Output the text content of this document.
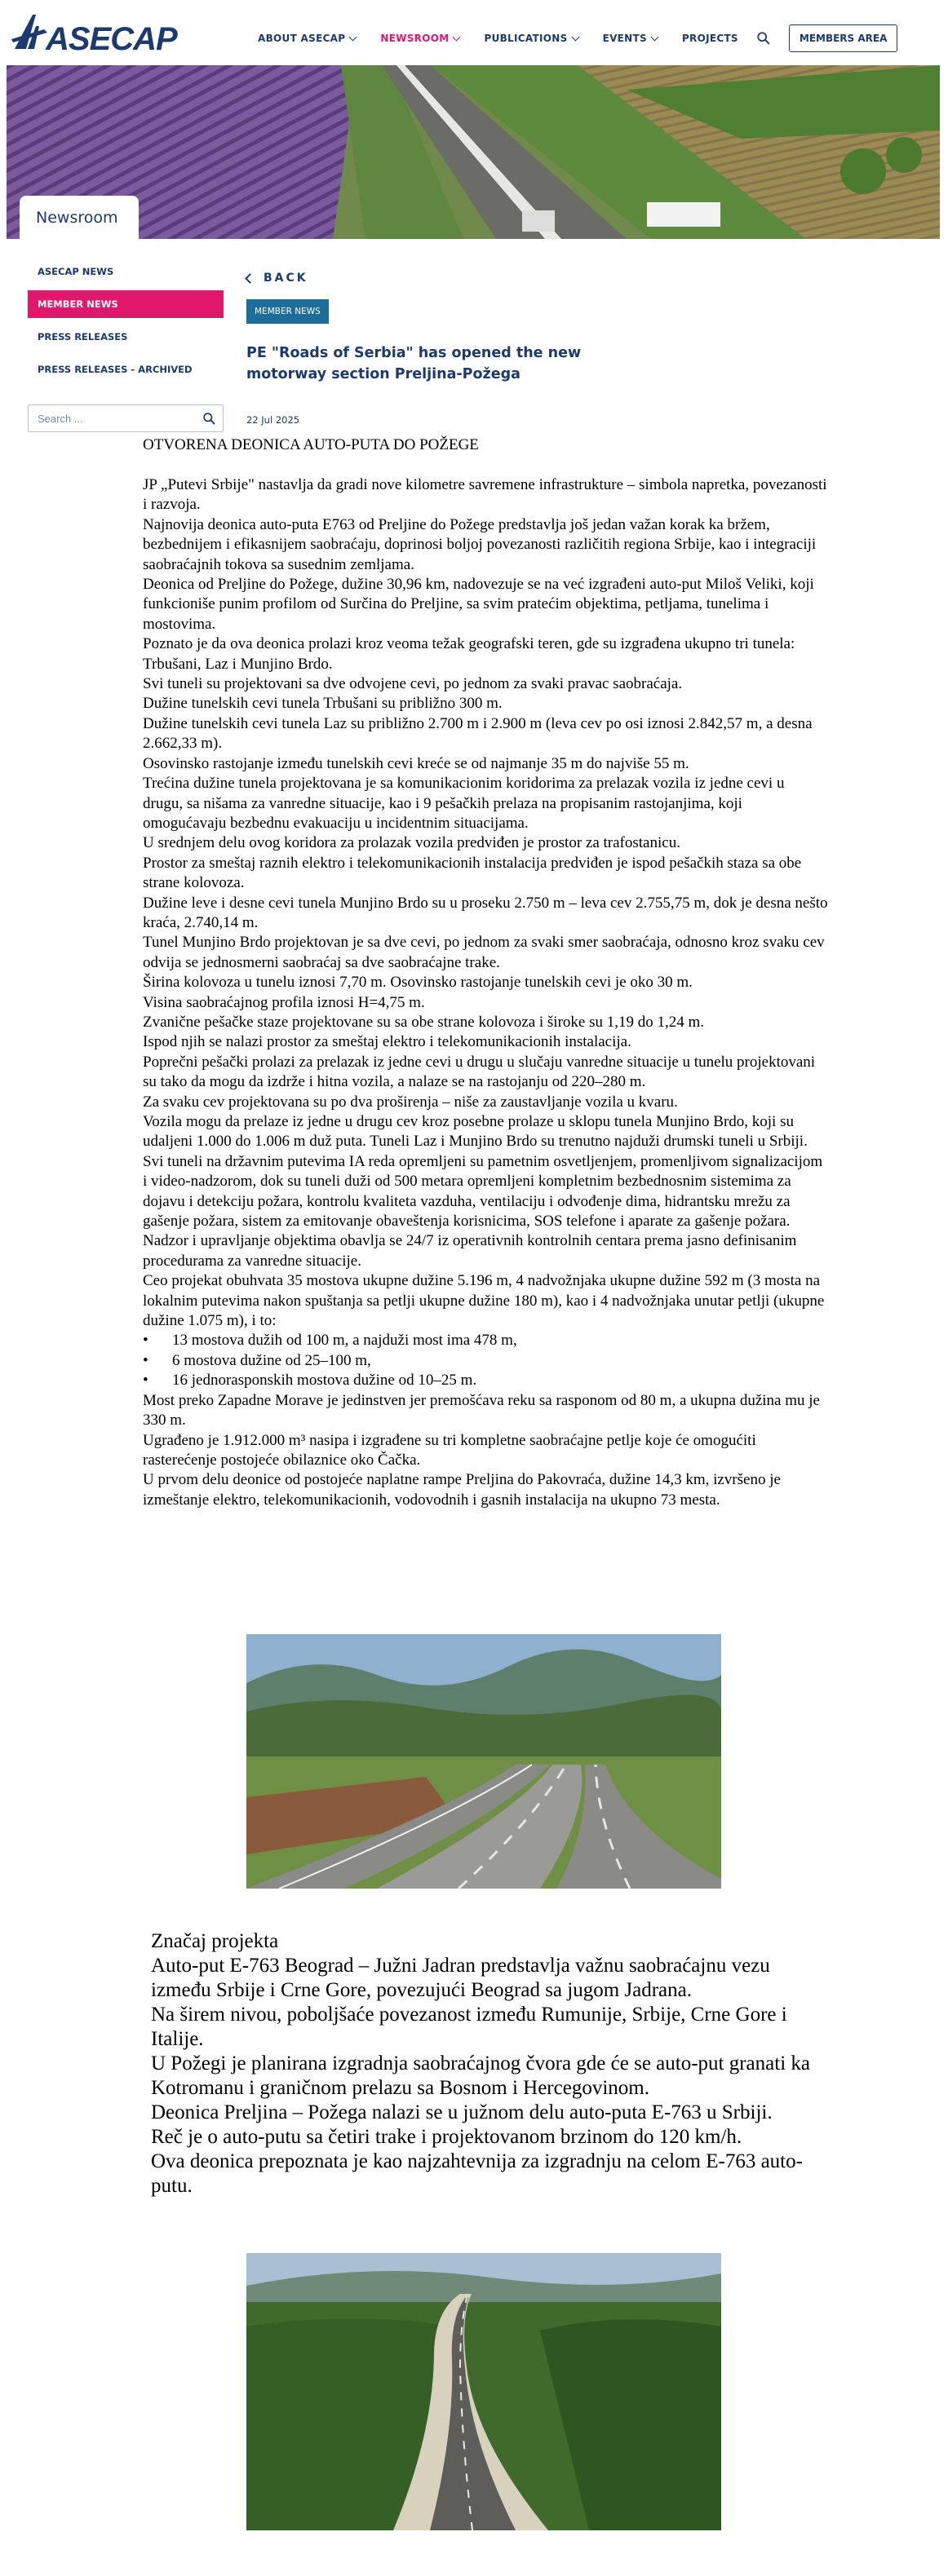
ASECAP	ABOUT ASECAP	NEWSROOM	PUBLICATIONS	EVENTS	PROJECTS	MEMBERS AREA
Newsroom
ASECAP NEWS
MEMBER NEWS
PRESS RELEASES
PRESS RELEASES - ARCHIVED
Search ...
BACK
MEMBER NEWS
PE "Roads of Serbia" has opened the new motorway section Preljina-Požega
22 Jul 2025

OTVORENA DEONICA AUTO-PUTA DO POŽEGE

JP „Putevi Srbije" nastavlja da gradi nove kilometre savremene infrastrukture – simbola napretka, povezanosti i razvoja.

Najnovija deonica auto-puta E763 od Preljine do Požege predstavlja još jedan važan korak ka bržem, bezbednijem i efikasnijem saobraćaju, doprinosi boljoj povezanosti različitih regiona Srbije, kao i integraciji saobraćajnih tokova sa susednim zemljama.

Deonica od Preljine do Požege, dužine 30,96 km, nadovezuje se na već izgrađeni auto-put Miloš Veliki, koji funkcioniše punim profilom od Surčina do Preljine, sa svim pratećim objektima, petljama, tunelima i mostovima.

Poznato je da ova deonica prolazi kroz veoma težak geografski teren, gde su izgrađena ukupno tri tunela: Trbušani, Laz i Munjino Brdo.

Svi tuneli su projektovani sa dve odvojene cevi, po jednom za svaki pravac saobraćaja.

Dužine tunelskih cevi tunela Trbušani su približno 300 m.

Dužine tunelskih cevi tunela Laz su približno 2.700 m i 2.900 m (leva cev po osi iznosi 2.842,57 m, a desna 2.662,33 m).

Osovinsko rastojanje između tunelskih cevi kreće se od najmanje 35 m do najviše 55 m.

Trećina dužine tunela projektovana je sa komunikacionim koridorima za prelazak vozila iz jedne cevi u drugu, sa nišama za vanredne situacije, kao i 9 pešačkih prelaza na propisanim rastojanjima, koji omogućavaju bezbednu evakuaciju u incidentnim situacijama.

U srednjem delu ovog koridora za prolazak vozila predviđen je prostor za trafostanicu.

Prostor za smeštaj raznih elektro i telekomunikacionih instalacija predviđen je ispod pešačkih staza sa obe strane kolovoza.

Dužine leve i desne cevi tunela Munjino Brdo su u proseku 2.750 m – leva cev 2.755,75 m, dok je desna nešto kraća, 2.740,14 m.

Tunel Munjino Brdo projektovan je sa dve cevi, po jednom za svaki smer saobraćaja, odnosno kroz svaku cev odvija se jednosmerni saobraćaj sa dve saobraćajne trake.

Širina kolovoza u tunelu iznosi 7,70 m. Osovinsko rastojanje tunelskih cevi je oko 30 m.

Visina saobraćajnog profila iznosi H=4,75 m.

Zvanične pešačke staze projektovane su sa obe strane kolovoza i široke su 1,19 do 1,24 m.

Ispod njih se nalazi prostor za smeštaj elektro i telekomunikacionih instalacija.

Poprečni pešački prolazi za prelazak iz jedne cevi u drugu u slučaju vanredne situacije u tunelu projektovani su tako da mogu da izdrže i hitna vozila, a nalaze se na rastojanju od 220–280 m.

Za svaku cev projektovana su po dva proširenja – niše za zaustavljanje vozila u kvaru.

Vozila mogu da prelaze iz jedne u drugu cev kroz posebne prolaze u sklopu tunela Munjino Brdo, koji su udaljeni 1.000 do 1.006 m duž puta. Tuneli Laz i Munjino Brdo su trenutno najduži drumski tuneli u Srbiji.

Svi tuneli na državnim putevima IA reda opremljeni su pametnim osvetljenjem, promenljivom signalizacijom i video-nadzorom, dok su tuneli duži od 500 metara opremljeni kompletnim bezbednosnim sistemima za dojavu i detekciju požara, kontrolu kvaliteta vazduha, ventilaciju i odvođenje dima, hidrantsku mrežu za gašenje požara, sistem za emitovanje obaveštenja korisnicima, SOS telefone i aparate za gašenje požara.

Nadzor i upravljanje objektima obavlja se 24/7 iz operativnih kontrolnih centara prema jasno definisanim procedurama za vanredne situacije.

Ceo projekat obuhvata 35 mostova ukupne dužine 5.196 m, 4 nadvožnjaka ukupne dužine 592 m (3 mosta na lokalnim putevima nakon spuštanja sa petlji ukupne dužine 180 m), kao i 4 nadvožnjaka unutar petlji (ukupne dužine 1.075 m), i to:

•	13 mostova dužih od 100 m, a najduži most ima 478 m,
•	6 mostova dužine od 25–100 m,
•	16 jednorasponskih mostova dužine od 10–25 m.

Most preko Zapadne Morave je jedinstven jer premošćava reku sa rasponom od 80 m, a ukupna dužina mu je 330 m.

Ugrađeno je 1.912.000 m³ nasipa i izgrađene su tri kompletne saobraćajne petlje koje će omogućiti rasterećenje postojeće obilaznice oko Čačka.

U prvom delu deonice od postojeće naplatne rampe Preljina do Pakovraća, dužine 14,3 km, izvršeno je izmeštanje elektro, telekomunikacionih, vodovodnih i gasnih instalacija na ukupno 73 mesta.

Značaj projekta

Auto-put E-763 Beograd – Južni Jadran predstavlja važnu saobraćajnu vezu između Srbije i Crne Gore, povezujući Beograd sa jugom Jadrana.

Na širem nivou, poboljšaće povezanost između Rumunije, Srbije, Crne Gore i Italije.

U Požegi je planirana izgradnja saobraćajnog čvora gde će se auto-put granati ka Kotromanu i graničnom prelazu sa Bosnom i Hercegovinom.

Deonica Preljina – Požega nalazi se u južnom delu auto-puta E-763 u Srbiji.

Reč je o auto-putu sa četiri trake i projektovanom brzinom do 120 km/h.

Ova deonica prepoznata je kao najzahtevnija za izgradnju na celom E-763 auto-putu.
